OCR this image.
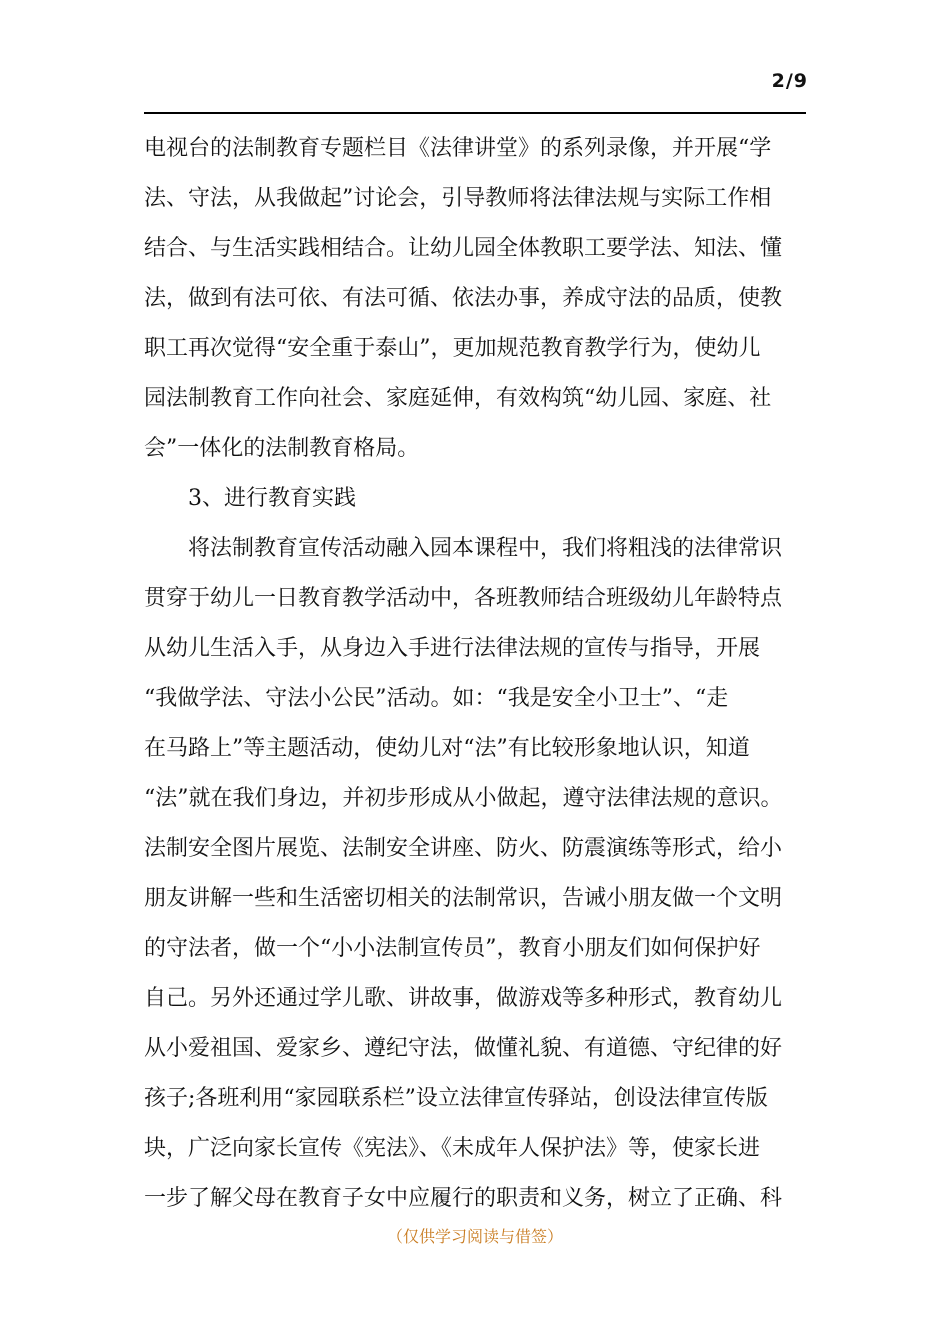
2/9
电视台的法制教育专题栏目《法律讲堂》的系列录像，并开展“学
法、守法，从我做起”讨论会，引导教师将法律法规与实际工作相
结合、与生活实践相结合。让幼儿园全体教职工要学法、知法、懂
法，做到有法可依、有法可循、依法办事，养成守法的品质，使教
职工再次觉得“安全重于泰山”，更加规范教育教学行为，使幼儿
园法制教育工作向社会、家庭延伸，有效构筑“幼儿园、家庭、社
会”一体化的法制教育格局。
3、进行教育实践
将法制教育宣传活动融入园本课程中，我们将粗浅的法律常识
贯穿于幼儿一日教育教学活动中，各班教师结合班级幼儿年龄特点
从幼儿生活入手，从身边入手进行法律法规的宣传与指导，开展
“我做学法、守法小公民”活动。如：“我是安全小卫士”、“走
在马路上”等主题活动，使幼儿对“法”有比较形象地认识，知道
“法”就在我们身边，并初步形成从小做起，遵守法律法规的意识。
法制安全图片展览、法制安全讲座、防火、防震演练等形式，给小
朋友讲解一些和生活密切相关的法制常识，告诫小朋友做一个文明
的守法者，做一个“小小法制宣传员”，教育小朋友们如何保护好
自己。另外还通过学儿歌、讲故事，做游戏等多种形式，教育幼儿
从小爱祖国、爱家乡、遵纪守法，做懂礼貌、有道德、守纪律的好
孩子;各班利用“家园联系栏”设立法律宣传驿站，创设法律宣传版
块，广泛向家长宣传《宪法》、《未成年人保护法》等，使家长进
一步了解父母在教育子女中应履行的职责和义务，树立了正确、科
（仅供学习阅读与借签）
